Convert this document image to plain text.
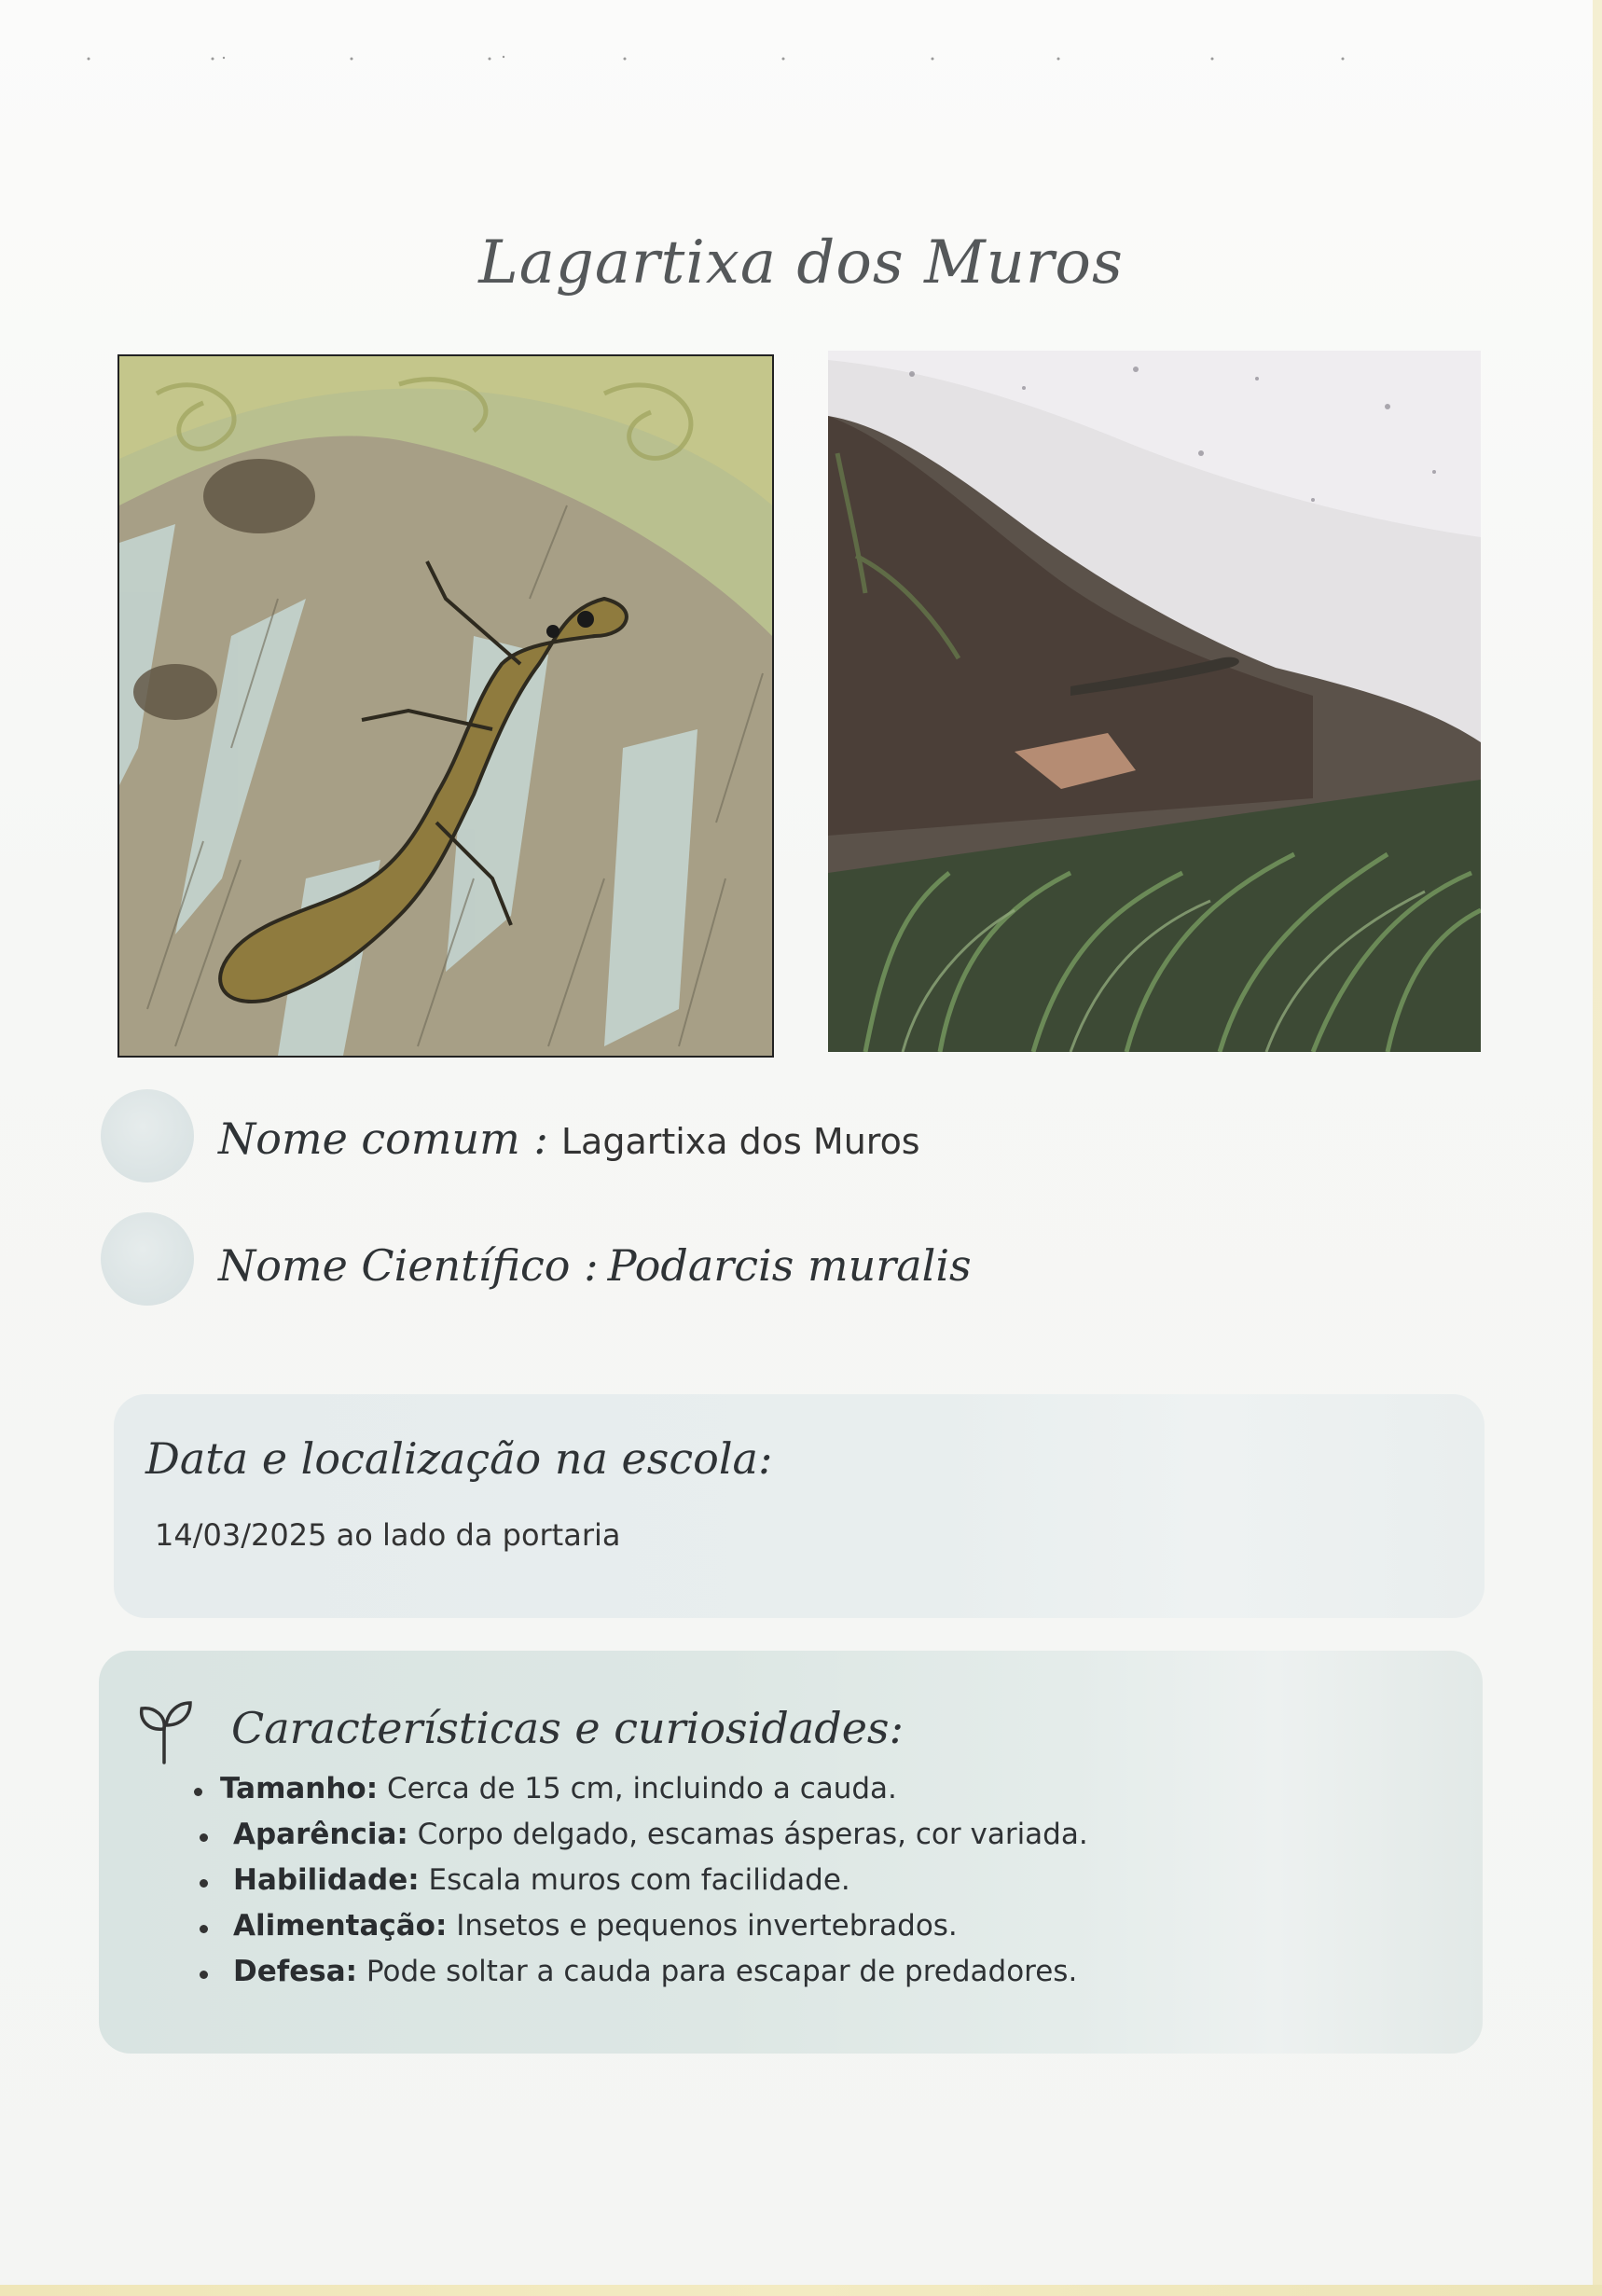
Lagartixa dos Muros
Nome comum : Lagartixa dos Muros
Nome Científico : Podarcis muralis
Data e localização na escola:
14/03/2025 ao lado da portaria
Características e curiosidades:
Tamanho: Cerca de 15 cm, incluindo a cauda.
Aparência: Corpo delgado, escamas ásperas, cor variada.
Habilidade: Escala muros com facilidade.
Alimentação: Insetos e pequenos invertebrados.
Defesa: Pode soltar a cauda para escapar de predadores.
